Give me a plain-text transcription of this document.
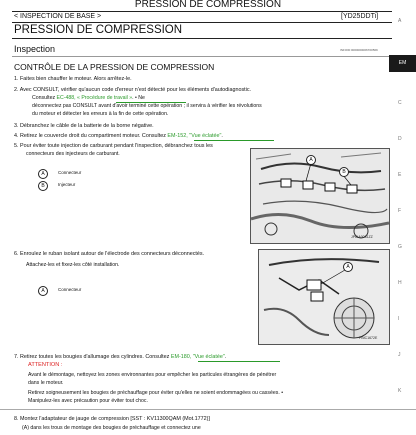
PRESSION DE COMPRESSION
< INSPECTION DE BASE >	[YD25DDTi]
PRESSION DE COMPRESSION
Inspection	INFOID:0000000006700569
EM
A
C
D
E
F
G
H
I
J
K
CONTRÔLE DE LA PRESSION DE COMPRESSION
1. Faites bien chauffer le moteur. Alors arrêtez-le.
2. Avec CONSULT, vérifier qu'aucun code d'erreur n'est détecté pour les éléments d'autodiagnostic.
Consultez EC-488, « Procédure de travail ». • Ne
déconnectez pas CONSULT avant d'avoir terminé cette opération ; il servira à vérifier les révolutions
du moteur et détecter les erreurs à la fin de cette opération.
3. Débranchez le câble de la batterie de la borne négative.
4. Retirez le couvercle droit du compartiment moteur. Consultez EM-152, "Vue éclatée".
5. Pour éviter toute injection de carburant pendant l'inspection, débranchez tous les
connecteurs des injecteurs de carburant.
A	Connecteur
B	Injecteur
A
B
JPBIA0081ZZ
6. Enroulez le ruban isolant autour de l'électrode des connecteurs déconnectés.
Attachez-les et fixez-les côté installation.
A	Connecteur
A
PBIC1672E
7. Retirez toutes les bougies d'allumage des cylindres. Consultez EM-180, "Vue éclatée".
ATTENTION :
Avant le démontage, nettoyez les zones environnantes pour empêcher les particules étrangères de pénétrer
dans le moteur.
Retirez soigneusement les bougies de préchauffage pour éviter qu'elles ne soient endommagées ou cassées. •
Manipulez-les avec précaution pour éviter tout choc.
8. Montez l'adaptateur de jauge de compression [SST : KV11300QAM (Mot.1772)]
(A) dans les trous de montage des bougies de préchauffage et connectez une
